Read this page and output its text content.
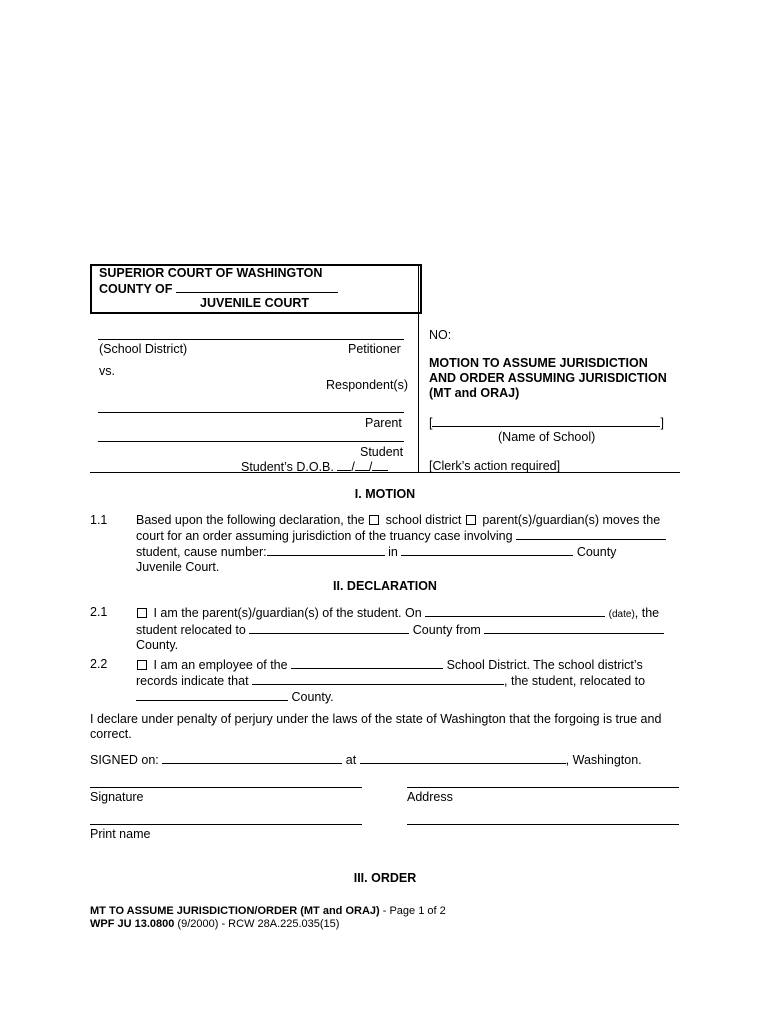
SUPERIOR COURT OF WASHINGTON
COUNTY OF
JUVENILE COURT
(School District)	Petitioner
vs.
Respondent(s)
Parent
Student
Student’s D.O.B. / /
NO:
MOTION TO ASSUME JURISDICTION
AND ORDER ASSUMING JURISDICTION
(MT and ORAJ)
[	]
(Name of School)
[Clerk’s action required]
I. MOTION
1.1 Based upon the following declaration, the school district parent(s)/guardian(s) moves the
court for an order assuming jurisdiction of the truancy case involving
student, cause number:	in	County
Juvenile Court.
II. DECLARATION
2.1	I am the parent(s)/guardian(s) of the student. On	(date), the
student relocated to	County from
County.
2.2	I am an employee of the	School District. The school district’s
records indicate that	, the student, relocated to
County.
I declare under penalty of perjury under the laws of the state of Washington that the forgoing is true and
correct.
SIGNED on:	at	, Washington.
Signature	Address
Print name
III. ORDER
MT TO ASSUME JURISDICTION/ORDER (MT and ORAJ) - Page 1 of 2
WPF JU 13.0800 (9/2000) - RCW 28A.225.035(15)
